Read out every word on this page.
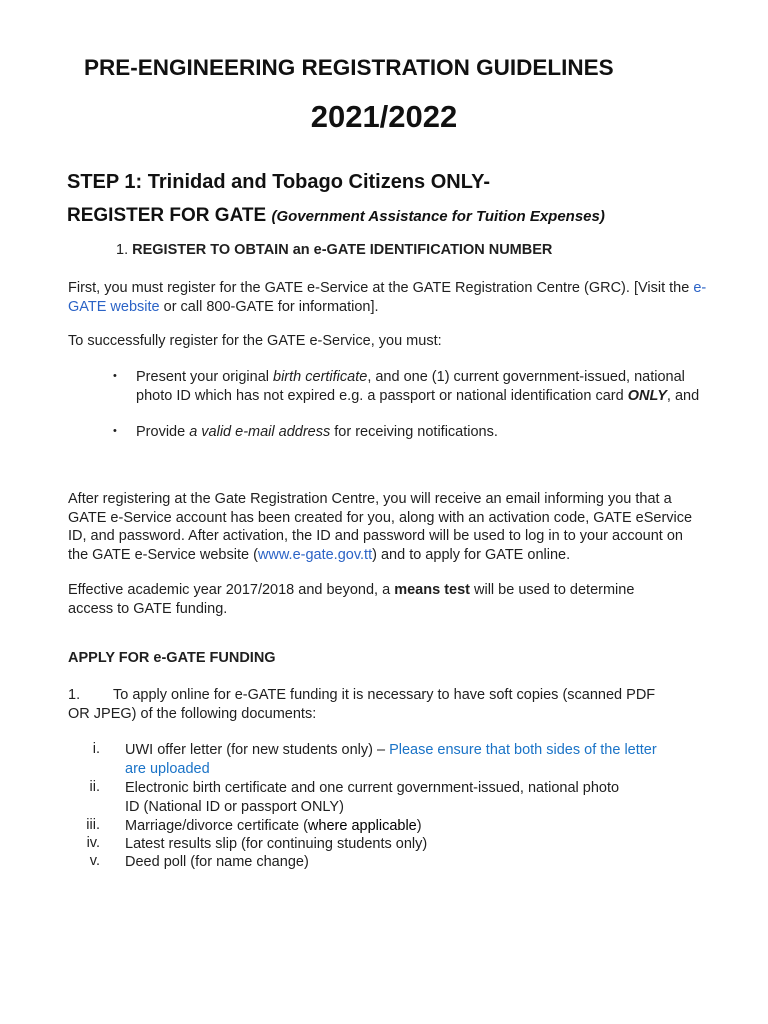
PRE-ENGINEERING REGISTRATION GUIDELINES
2021/2022
STEP 1: Trinidad and Tobago Citizens ONLY-
REGISTER FOR GATE (Government Assistance for Tuition Expenses)
1. REGISTER TO OBTAIN an e-GATE IDENTIFICATION NUMBER
First, you must register for the GATE e-Service at the GATE Registration Centre (GRC). [Visit the e-GATE website or call 800-GATE for information].
To successfully register for the GATE e-Service, you must:
• Present your original birth certificate, and one (1) current government-issued, national photo ID which has not expired e.g. a passport or national identification card ONLY, and
• Provide a valid e-mail address for receiving notifications.
After registering at the Gate Registration Centre, you will receive an email informing you that a GATE e-Service account has been created for you, along with an activation code, GATE eService ID, and password. After activation, the ID and password will be used to log in to your account on the GATE e-Service website (www.e-gate.gov.tt) and to apply for GATE online.
Effective academic year 2017/2018 and beyond, a means test will be used to determine access to GATE funding.
APPLY FOR e-GATE FUNDING
1.	To apply online for e-GATE funding it is necessary to have soft copies (scanned PDF OR JPEG) of the following documents:
i. UWI offer letter (for new students only) – Please ensure that both sides of the letter are uploaded
ii. Electronic birth certificate and one current government-issued, national photo ID (National ID or passport ONLY)
iii. Marriage/divorce certificate (where applicable)
iv. Latest results slip (for continuing students only)
v. Deed poll (for name change)
